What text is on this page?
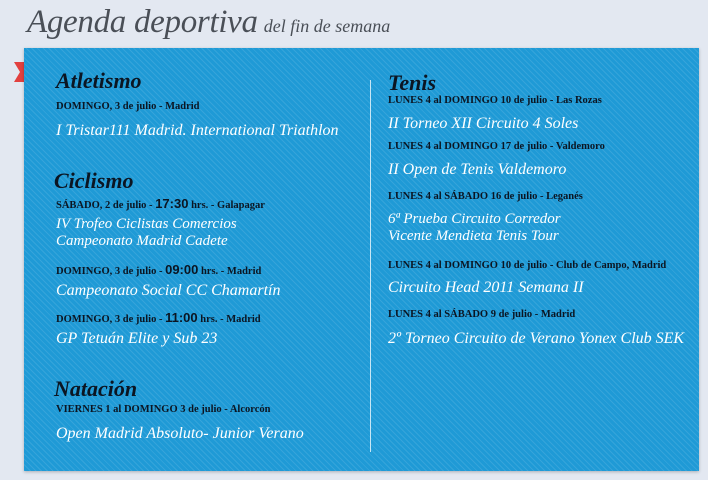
Agenda deportiva del fin de semana
Atletismo
DOMINGO, 3 de julio - Madrid
I Tristar111 Madrid. International Triathlon
Ciclismo
SÁBADO, 2 de julio - 17:30 hrs. - Galapagar
IV Trofeo Ciclistas Comercios
Campeonato Madrid Cadete
DOMINGO, 3 de julio - 09:00 hrs. - Madrid
Campeonato Social CC Chamartín
DOMINGO, 3 de julio - 11:00 hrs. - Madrid
GP Tetuán Elite y Sub 23
Natación
VIERNES 1 al DOMINGO 3 de julio - Alcorcón
Open Madrid Absoluto- Junior Verano
Tenis
LUNES 4 al DOMINGO 10 de julio - Las Rozas
II Torneo XII Circuito 4 Soles
LUNES 4 al DOMINGO 17 de julio - Valdemoro
II Open de Tenis Valdemoro
LUNES 4 al SÁBADO 16 de julio - Leganés
6ª Prueba Circuito Corredor
Vicente Mendieta Tenis Tour
LUNES 4 al DOMINGO 10 de julio - Club de Campo, Madrid
Circuito Head 2011 Semana II
LUNES 4 al SÁBADO 9 de julio - Madrid
2º Torneo Circuito de Verano Yonex Club SEK
